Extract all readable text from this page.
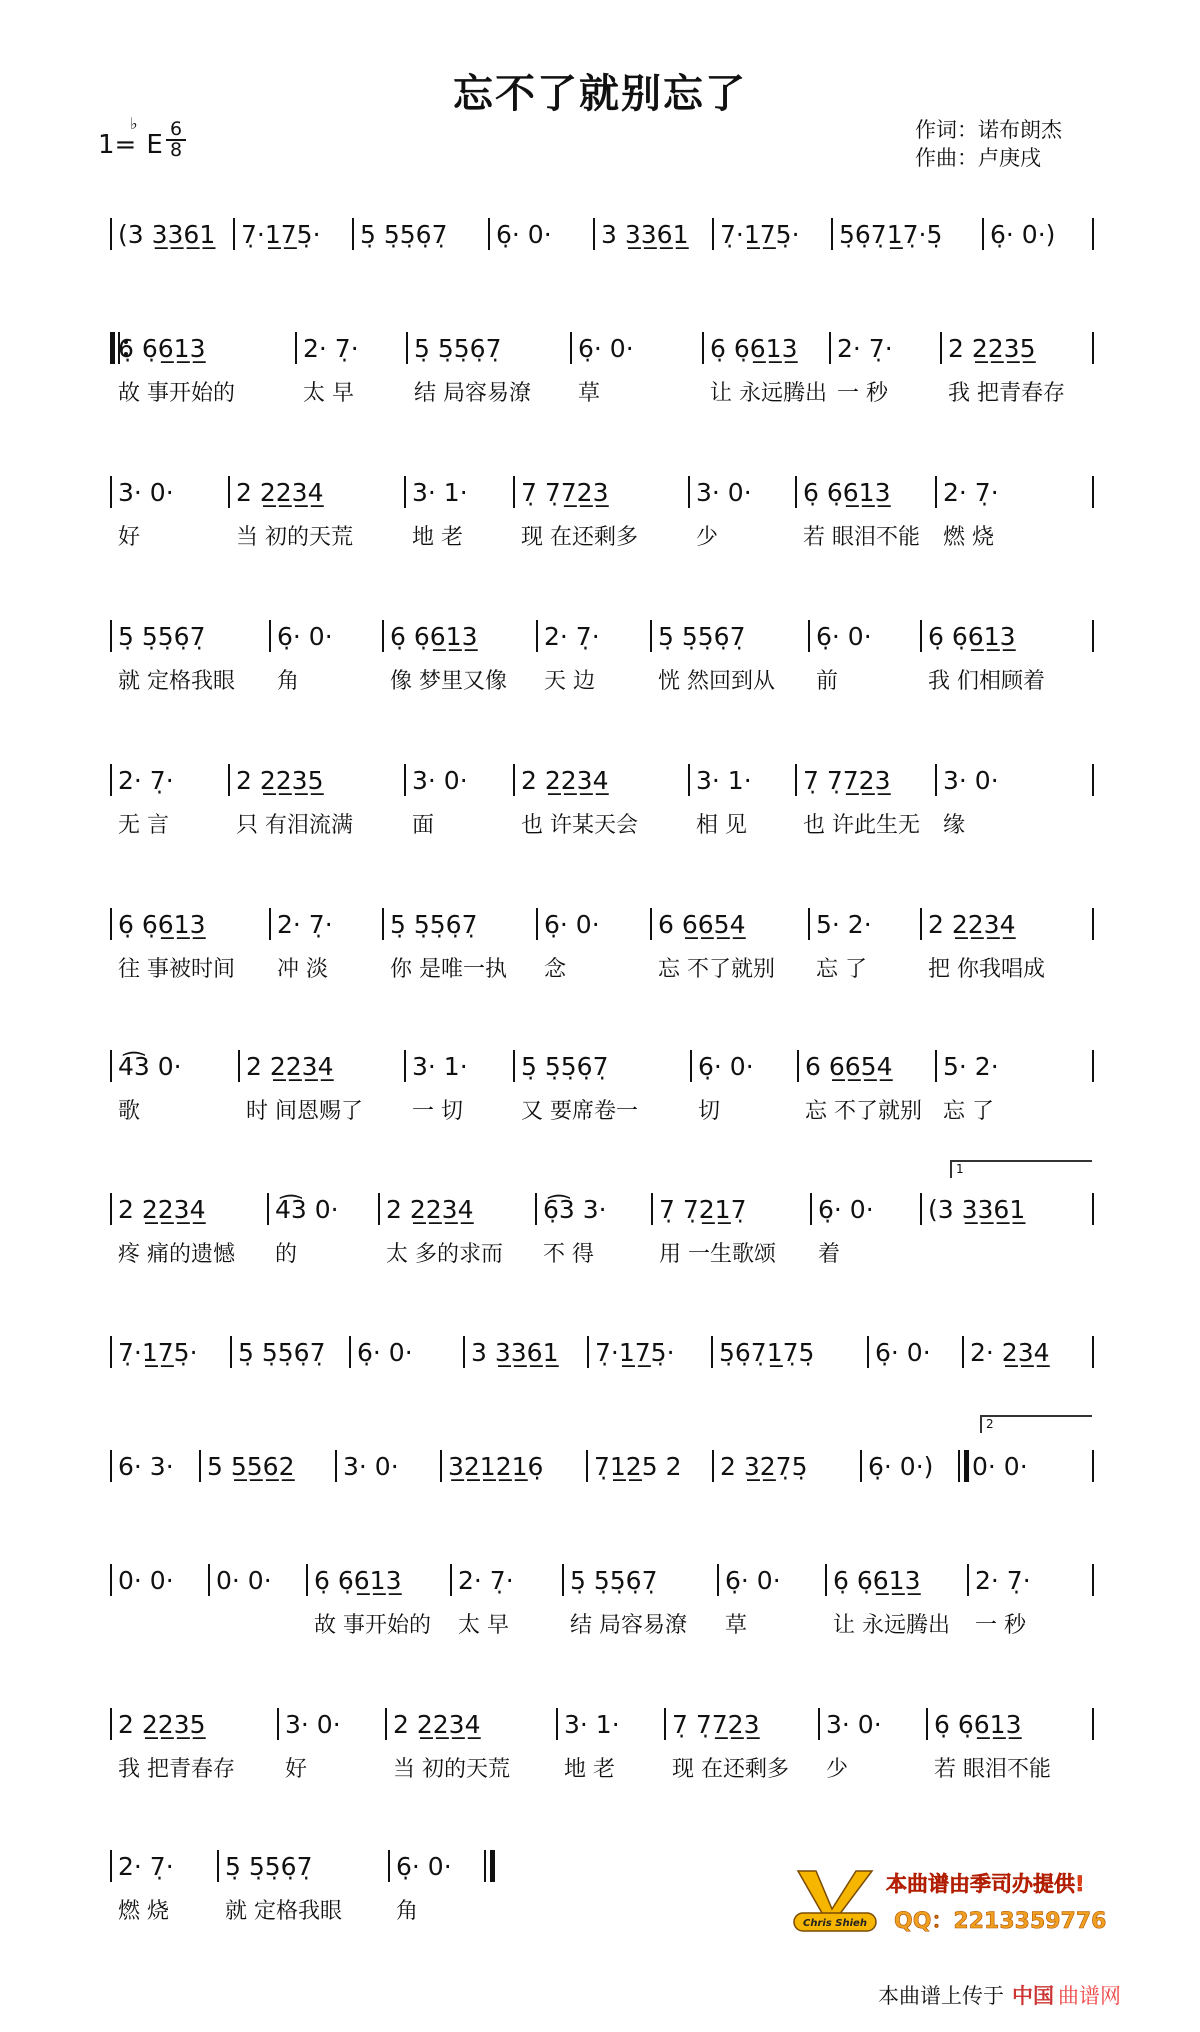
忘不了就别忘了
1=
♭
E
6
8
作词：诺布朗杰
作曲：卢庚戌
(3 3̲3̲6̲1̲	7̣·1̲7̲5̣·	5̣ 5̣5̣6̣7̣	6̣· 0·	3 3̲3̲6̲1̲	7̣·1̲7̲5̣·	5̣6̣7̣1̲7̣·5̣	6̣· 0·)
6̣ 6̣6̲1̲3̲
故 事开始的
2· 7̣·
太 早
5̣ 5̣5̣6̣7̣
结 局容易潦
6̣· 0·
草
6̣ 6̣6̲1̲3̲
让 永远腾出
2· 7̣·
一 秒
2 2̲2̲3̲5̲
我 把青春存
3· 0·
好
2 2̲2̲3̲4̲
当 初的天荒
3· 1·
地 老
7̣ 7̣7̲2̲3̲
现 在还剩多
3· 0·
少
6̣ 6̣6̲1̲3̲
若 眼泪不能
2· 7̣·
燃 烧
5̣ 5̣5̣6̣7̣
就 定格我眼
6̣· 0·
角
6̣ 6̣6̲1̲3̲
像 梦里又像
2· 7̣·
天 边
5̣ 5̣5̣6̣7̣
恍 然回到从
6̣· 0·
前
6̣ 6̣6̲1̲3̲
我 们相顾着
2· 7̣·
无 言
2 2̲2̲3̲5̲
只 有泪流满
3· 0·
面
2 2̲2̲3̲4̲
也 许某天会
3· 1·
相 见
7̣ 7̣7̲2̲3̲
也 许此生无
3· 0·
缘
6̣ 6̣6̲1̲3̲
往 事被时间
2· 7̣·
冲 淡
5̣ 5̣5̣6̣7̣
你 是唯一执
6̣· 0·
念
6 6̲6̲5̲4̲
忘 不了就别
5· 2·
忘 了
2 2̲2̲3̲4̲
把 你我唱成
4͡3 0·
歌
2 2̲2̲3̲4̲
时 间恩赐了
3· 1·
一 切
5̣ 5̣5̣6̣7̣
又 要席卷一
6̣· 0·
切
6 6̲6̲5̲4̲
忘 不了就别
5· 2·
忘 了
2 2̲2̲3̲4̲
疼 痛的遗憾
4͡3 0·
的
2 2̲2̲3̲4̲
太 多的求而
6̣͡3 3·
不 得
7̣ 7̣2̲1̲7̣
用 一生歌颂
6̣· 0·
着
(3 3̲3̲6̲1̲
7̣·1̲7̲5̣·	5̣ 5̣5̣6̣7̣	6̣· 0·	3 3̲3̲6̲1̲	7̣·1̲7̲5̣·	5̣6̣7̣1̲7̣5̣	6̣· 0·	2· 2̲3̲4̲
6· 3·	5 5̲5̲6̲2̲	3· 0·	3̲2̲1̲2̲1̲6̣	7̣1̲2̲5 2	2 3̲2̲7̣5̣	6̣· 0·)	0· 0·
0· 0·	0· 0·	6̣ 6̣6̲1̲3̲
故 事开始的
2· 7̣·
太 早
5̣ 5̣5̣6̣7̣
结 局容易潦
6̣· 0·
草
6̣ 6̣6̲1̲3̲
让 永远腾出
2· 7̣·
一 秒
2 2̲2̲3̲5̲
我 把青春存
3· 0·
好
2 2̲2̲3̲4̲
当 初的天荒
3· 1·
地 老
7̣ 7̣7̲2̲3̲
现 在还剩多
3· 0·
少
6̣ 6̣6̲1̲3̲
若 眼泪不能
2· 7̣·
燃 烧
5̣ 5̣5̣6̣7̣
就 定格我眼
6̣· 0·
角
1
2
Chris Shieh
本曲谱由季司办提供!
QQ：2213359776
本曲谱上传于 中国 曲谱网
